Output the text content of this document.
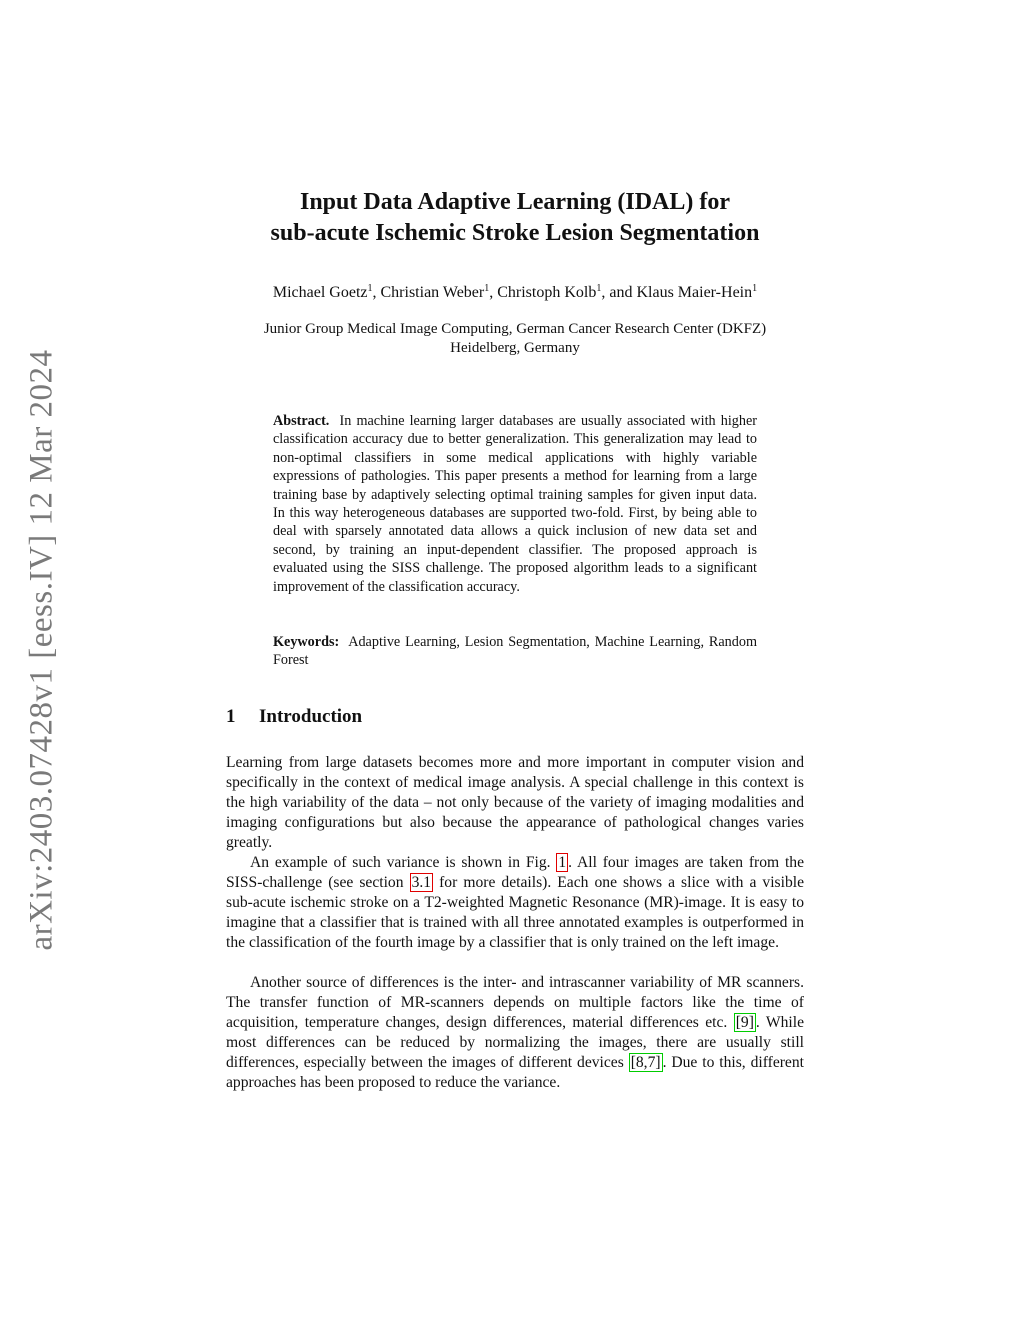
arXiv:2403.07428v1 [eess.IV] 12 Mar 2024
Input Data Adaptive Learning (IDAL) for
sub-acute Ischemic Stroke Lesion Segmentation
Michael Goetz$^1$, Christian Weber$^1$, Christoph Kolb$^1$, and Klaus Maier-Hein$^1$
Junior Group Medical Image Computing, German Cancer Research Center (DKFZ)
Heidelberg, Germany

Abstract. In machine learning larger databases are usually associated with higher classification accuracy due to better generalization. This generalization may lead to non-optimal classifiers in some medical applications with highly variable expressions of pathologies. This paper presents a method for learning from a large training base by adaptively selecting optimal training samples for given input data. In this way heterogeneous databases are supported two-fold. First, by being able to deal with sparsely annotated data allows a quick inclusion of new data set and second, by training an input-dependent classifier. The proposed approach is evaluated using the SISS challenge. The proposed algorithm leads to a significant improvement of the classification accuracy.

Keywords: Adaptive Learning, Lesion Segmentation, Machine Learning, Random Forest

1 Introduction

Learning from large datasets becomes more and more important in computer vision and specifically in the context of medical image analysis. A special challenge in this context is the high variability of the data – not only because of the variety of imaging modalities and imaging configurations but also because the appearance of pathological changes varies greatly.

An example of such variance is shown in Fig. 1 . All four images are taken from the SISS-challenge (see section 3.1 for more details). Each one shows a slice with a visible sub-acute ischemic stroke on a T2-weighted Magnetic Resonance (MR)-image. It is easy to imagine that a classifier that is trained with all three annotated examples is outperformed in the classification of the fourth image by a classifier that is only trained on the left image.

Another source of differences is the inter- and intrascanner variability of MR scanners. The transfer function of MR-scanners depends on multiple factors like the time of acquisition, temperature changes, design differences, material differences etc. [9] . While most differences can be reduced by normalizing the images, there are usually still differences, especially between the images of different devices [8,7] . Due to this, different approaches has been proposed to reduce the variance.
